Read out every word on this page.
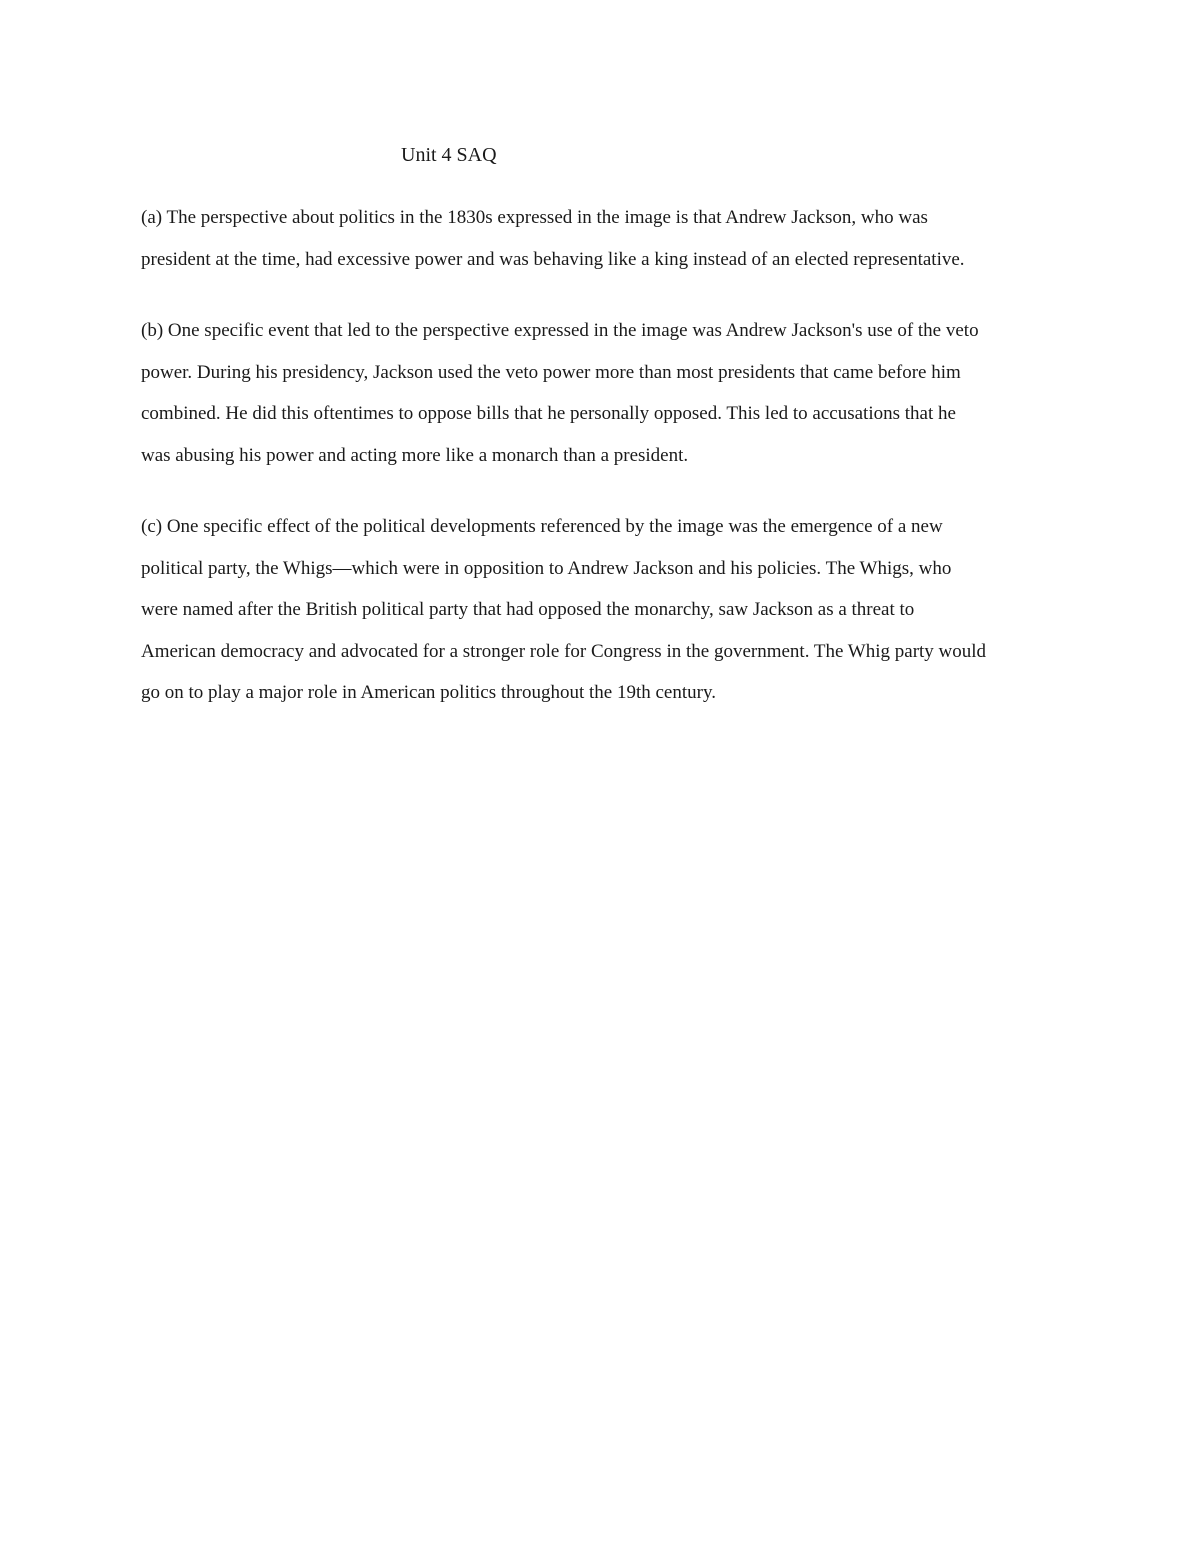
Unit 4 SAQ

(a) The perspective about politics in the 1830s expressed in the image is that Andrew Jackson, who was
president at the time, had excessive power and was behaving like a king instead of an elected representative.

(b) One specific event that led to the perspective expressed in the image was Andrew Jackson's use of the veto
power. During his presidency, Jackson used the veto power more than most presidents that came before him
combined. He did this oftentimes to oppose bills that he personally opposed. This led to accusations that he
was abusing his power and acting more like a monarch than a president.

(c) One specific effect of the political developments referenced by the image was the emergence of a new
political party, the Whigs—which were in opposition to Andrew Jackson and his policies. The Whigs, who
were named after the British political party that had opposed the monarchy, saw Jackson as a threat to
American democracy and advocated for a stronger role for Congress in the government. The Whig party would
go on to play a major role in American politics throughout the 19th century.
